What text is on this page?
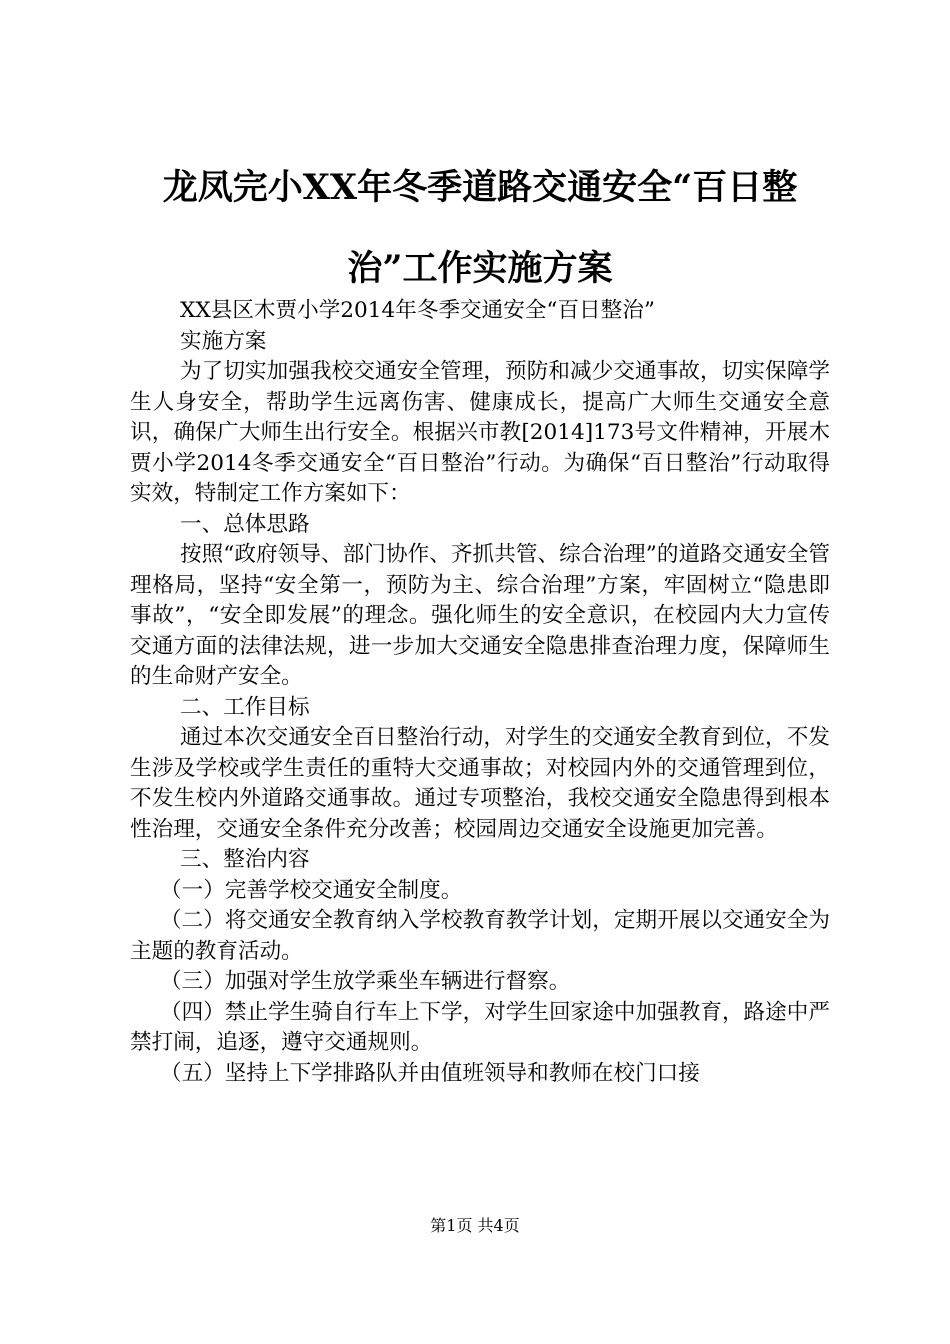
龙凤完小XX年冬季道路交通安全“百日整
治”工作实施方案

XX县区木贾小学2014年冬季交通安全“百日整治”

实施方案

为了切实加强我校交通安全管理，预防和减少交通事故，切实保障学生人身安全，帮助学生远离伤害、健康成长，提高广大师生交通安全意识，确保广大师生出行安全。根据兴市教[2014]173号文件精神，开展木贾小学2014冬季交通安全“百日整治”行动。为确保“百日整治”行动取得实效，特制定工作方案如下：

一、总体思路

按照“政府领导、部门协作、齐抓共管、综合治理”的道路交通安全管理格局，坚持“安全第一，预防为主、综合治理”方案，牢固树立“隐患即事故”，“安全即发展”的理念。强化师生的安全意识，在校园内大力宣传交通方面的法律法规，进一步加大交通安全隐患排查治理力度，保障师生的生命财产安全。

二、工作目标

通过本次交通安全百日整治行动，对学生的交通安全教育到位，不发生涉及学校或学生责任的重特大交通事故；对校园内外的交通管理到位，不发生校内外道路交通事故。通过专项整治，我校交通安全隐患得到根本性治理，交通安全条件充分改善；校园周边交通安全设施更加完善。

三、整治内容

（一）完善学校交通安全制度。

（二）将交通安全教育纳入学校教育教学计划，定期开展以交通安全为主题的教育活动。

（三）加强对学生放学乘坐车辆进行督察。

（四）禁止学生骑自行车上下学，对学生回家途中加强教育，路途中严禁打闹，追逐，遵守交通规则。

（五）坚持上下学排路队并由值班领导和教师在校门口接

第1页 共4页
